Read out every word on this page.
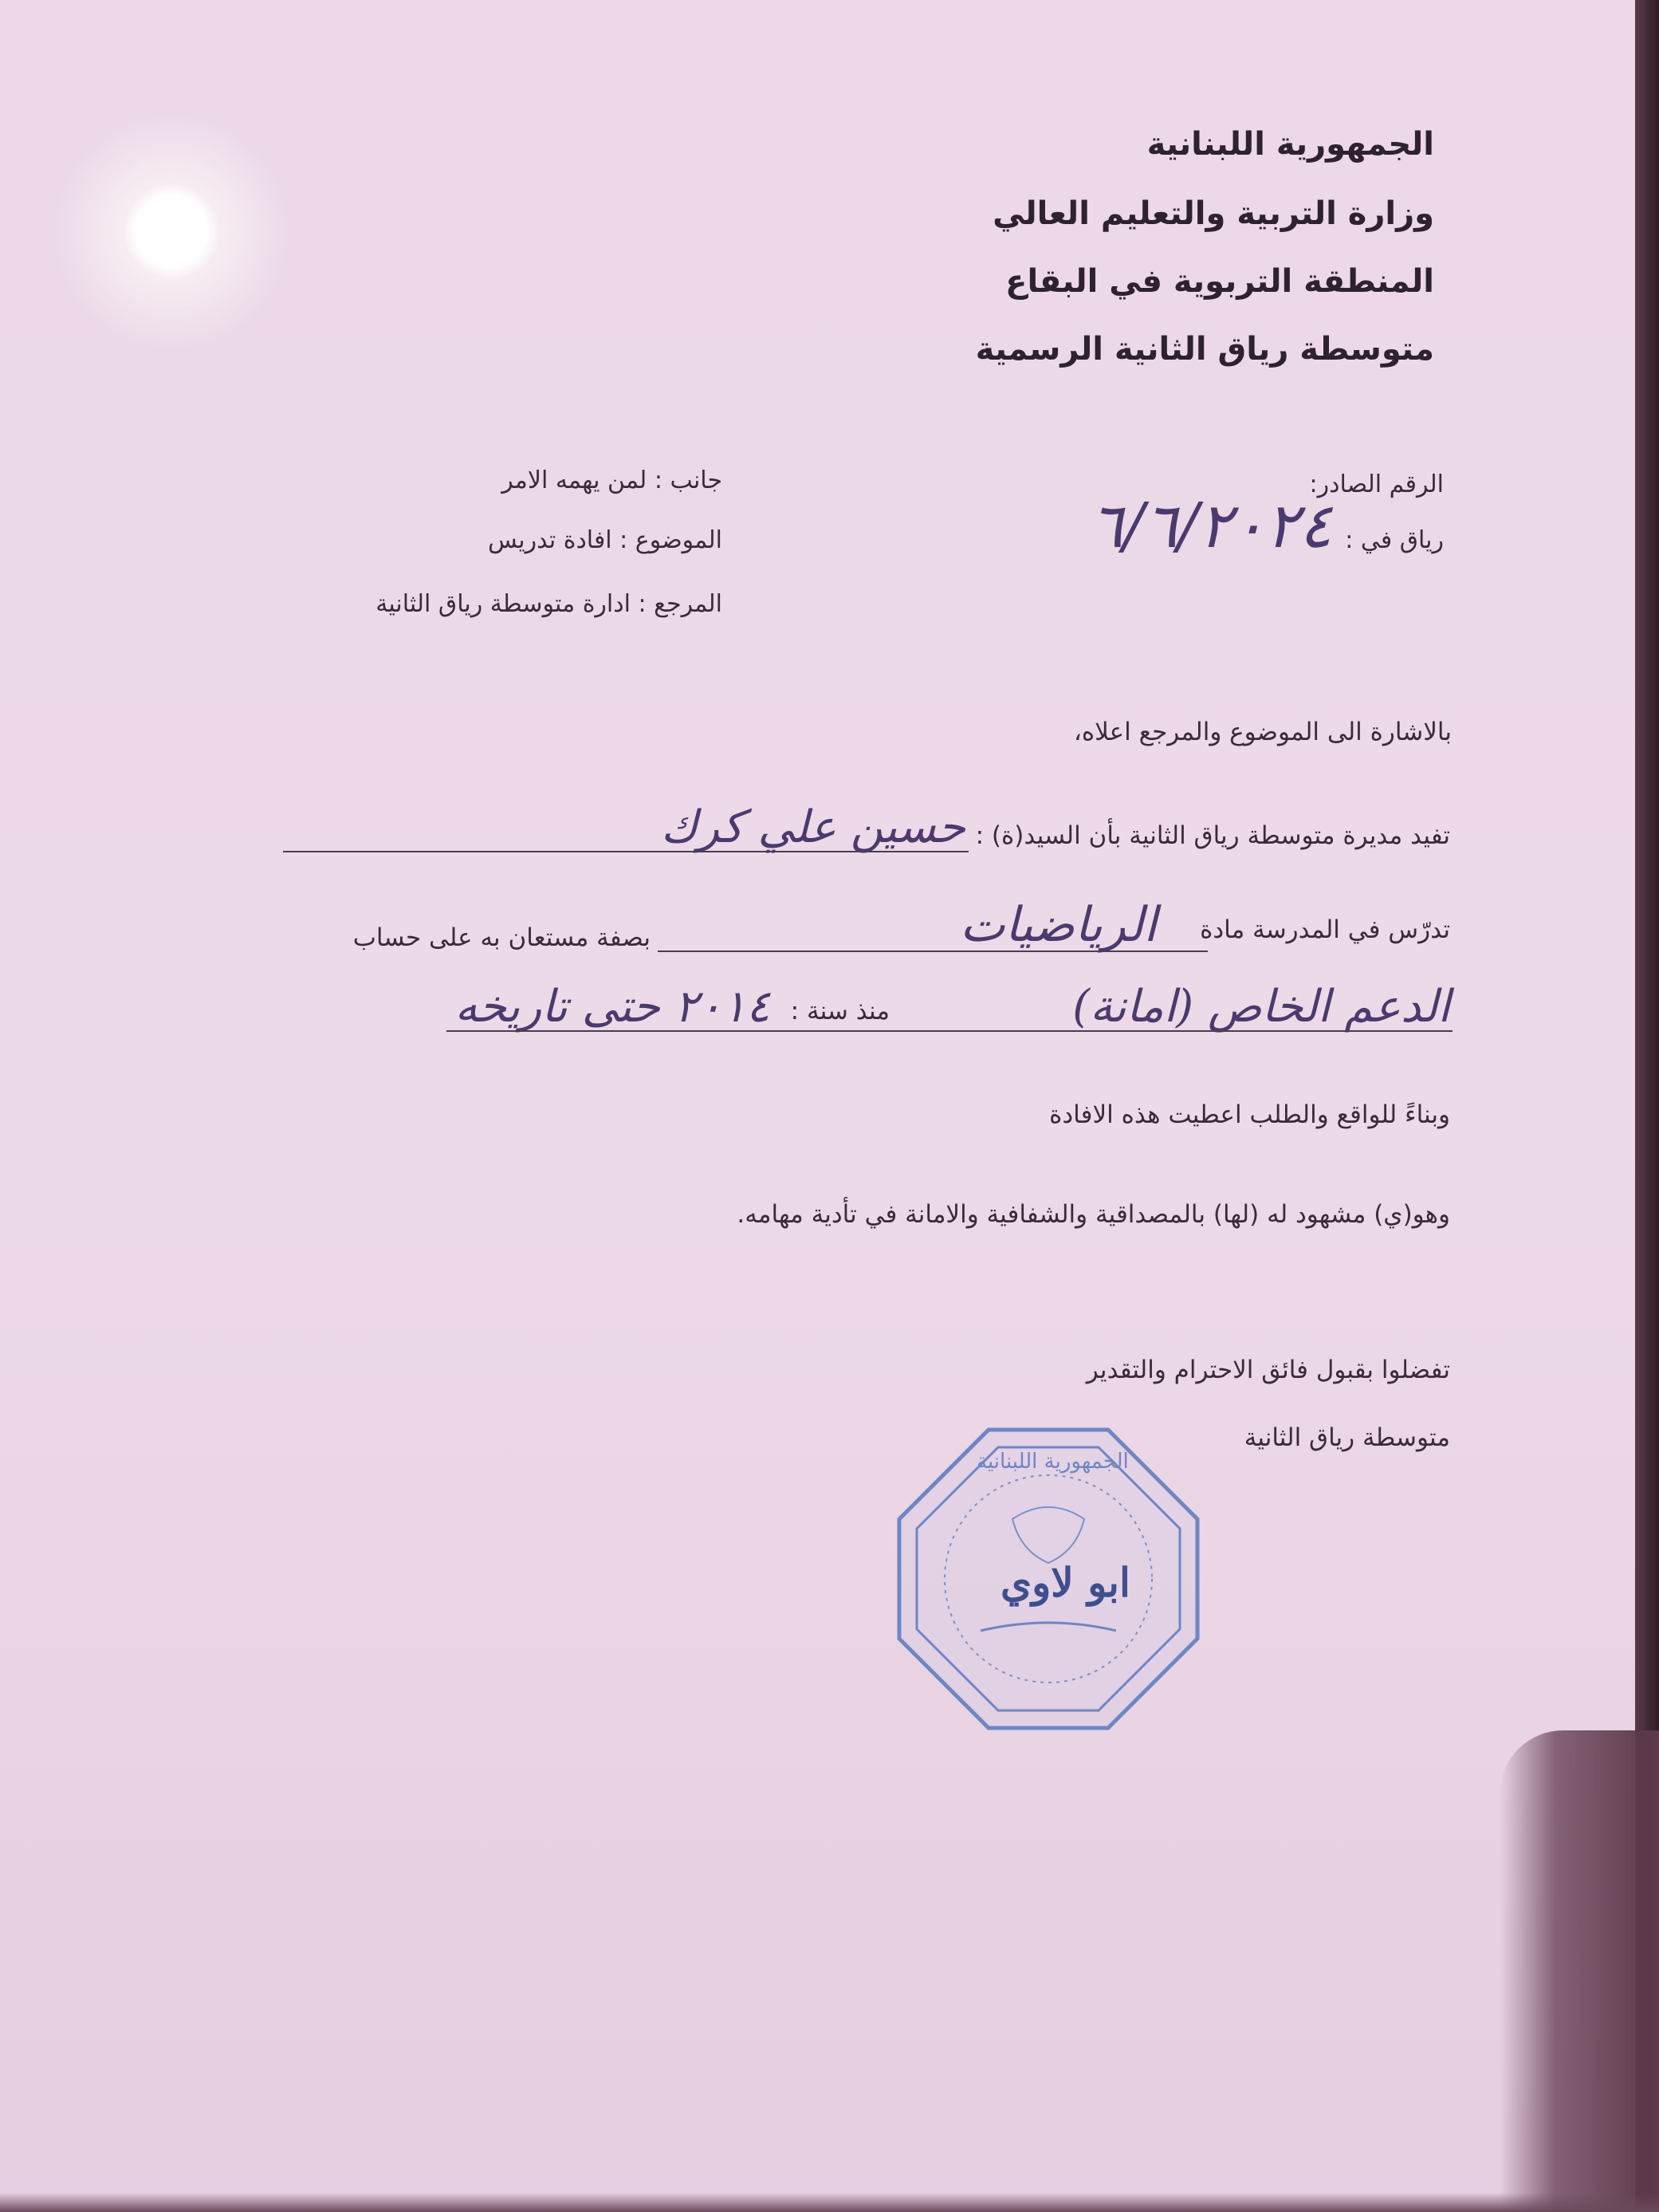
الجمهورية اللبنانية
وزارة التربية والتعليم العالي
المنطقة التربوية في البقاع
متوسطة رياق الثانية الرسمية
الرقم الصادر:
رياق في :
٦/٦/٢٠٢٤
جانب : لمن يهمه الامر
الموضوع : افادة تدريس
المرجع : ادارة متوسطة رياق الثانية
بالاشارة الى الموضوع والمرجع اعلاه،
تفيد مديرة متوسطة رياق الثانية بأن السيد(ة) :
حسين علي كرك
تدرّس في المدرسة مادة
الرياضيات
بصفة مستعان به على حساب
الدعم الخاص (امانة)
منذ سنة :
٢٠١٤ حتى تاريخه
وبناءً للواقع والطلب اعطيت هذه الافادة
وهو(ي) مشهود له (لها) بالمصداقية والشفافية والامانة في تأدية مهامه.
تفضلوا بقبول فائق الاحترام والتقدير
متوسطة رياق الثانية
الجمهورية اللبنانية
ابو لاوي
